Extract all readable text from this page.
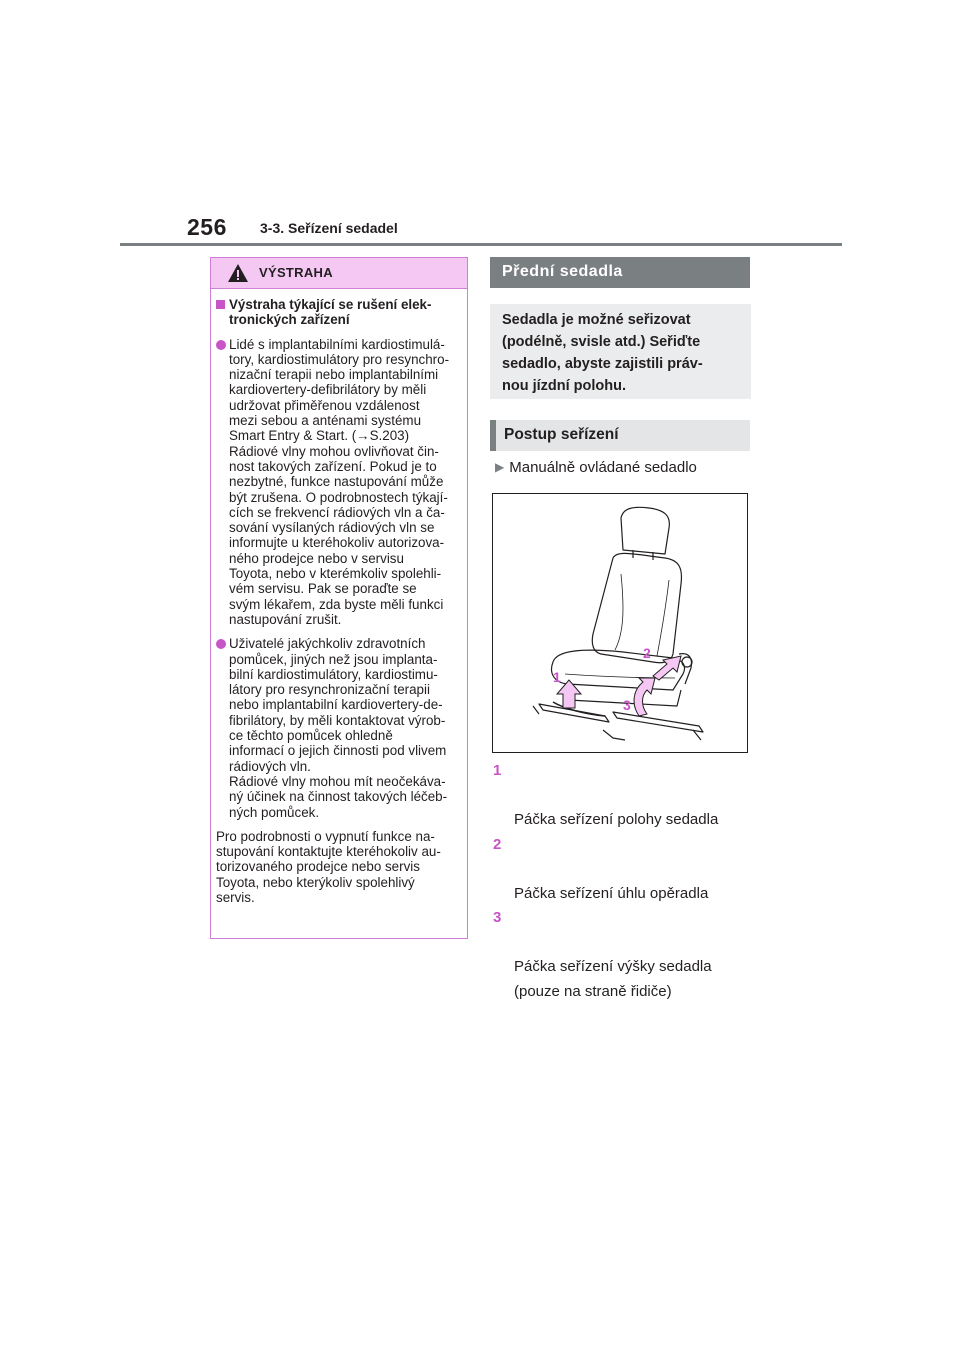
256 3-3. Seřízení sedadel
VÝSTRAHA
Výstraha týkající se rušení elek-
tronických zařízení
Lidé s implantabilními kardiostimulá-
tory, kardiostimulátory pro resynchro-
nizační terapii nebo implantabilními
kardiovertery-defibrilátory by měli
udržovat přiměřenou vzdálenost
mezi sebou a anténami systému
Smart Entry & Start. (→S.203)
Rádiové vlny mohou ovlivňovat čin-
nost takových zařízení. Pokud je to
nezbytné, funkce nastupování může
být zrušena. O podrobnostech týkají-
cích se frekvencí rádiových vln a ča-
sování vysílaných rádiových vln se
informujte u kteréhokoliv autorizova-
ného prodejce nebo v servisu
Toyota, nebo v kterémkoliv spolehli-
vém servisu. Pak se poraďte se
svým lékařem, zda byste měli funkci
nastupování zrušit.
Uživatelé jakýchkoliv zdravotních
pomůcek, jiných než jsou implanta-
bilní kardiostimulátory, kardiostimu-
látory pro resynchronizační terapii
nebo implantabilní kardiovertery-de-
fibrilátory, by měli kontaktovat výrob-
ce těchto pomůcek ohledně
informací o jejich činnosti pod vlivem
rádiových vln.
Rádiové vlny mohou mít neočekáva-
ný účinek na činnost takových léčeb-
ných pomůcek.
Pro podrobnosti o vypnutí funkce na-
stupování kontaktujte kteréhokoliv au-
torizovaného prodejce nebo servis
Toyota, nebo kterýkoliv spolehlivý
servis.
Přední sedadla
Sedadla je možné seřizovat
(podélně, svisle atd.) Seřiďte
sedadlo, abyste zajistili práv-
nou jízdní polohu.
Postup seřízení
▶ Manuálně ovládané sedadlo
1
2
3

1

Páčka seřízení polohy sedadla

2

Páčka seřízení úhlu opěradla

3

Páčka seřízení výšky sedadla
(pouze na straně řidiče)
